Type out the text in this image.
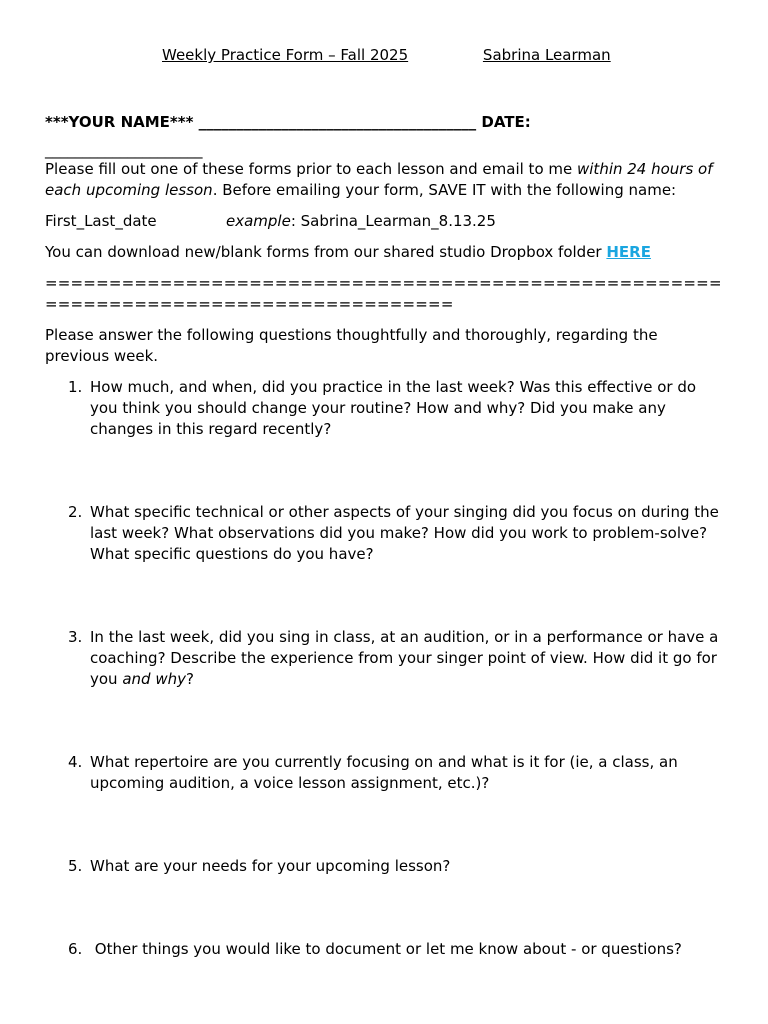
Weekly Practice Form – Fall 2025	Sabrina Learman
***YOUR NAME*** _____________________________________ DATE:
_____________________
Please fill out one of these forms prior to each lesson and email to me within 24 hours of each upcoming lesson. Before emailing your form, SAVE IT with the following name:
First_Last_date	example: Sabrina_Learman_8.13.25
You can download new/blank forms from our shared studio Dropbox folder HERE
=====================================================================================
Please answer the following questions thoughtfully and thoroughly, regarding the previous week.
1. How much, and when, did you practice in the last week? Was this effective or do you think you should change your routine? How and why? Did you make any changes in this regard recently?
2. What specific technical or other aspects of your singing did you focus on during the last week? What observations did you make? How did you work to problem-solve? What specific questions do you have?
3. In the last week, did you sing in class, at an audition, or in a performance or have a coaching? Describe the experience from your singer point of view. How did it go for you and why?
4. What repertoire are you currently focusing on and what is it for (ie, a class, an upcoming audition, a voice lesson assignment, etc.)?
5. What are your needs for your upcoming lesson?
6. Other things you would like to document or let me know about - or questions?
